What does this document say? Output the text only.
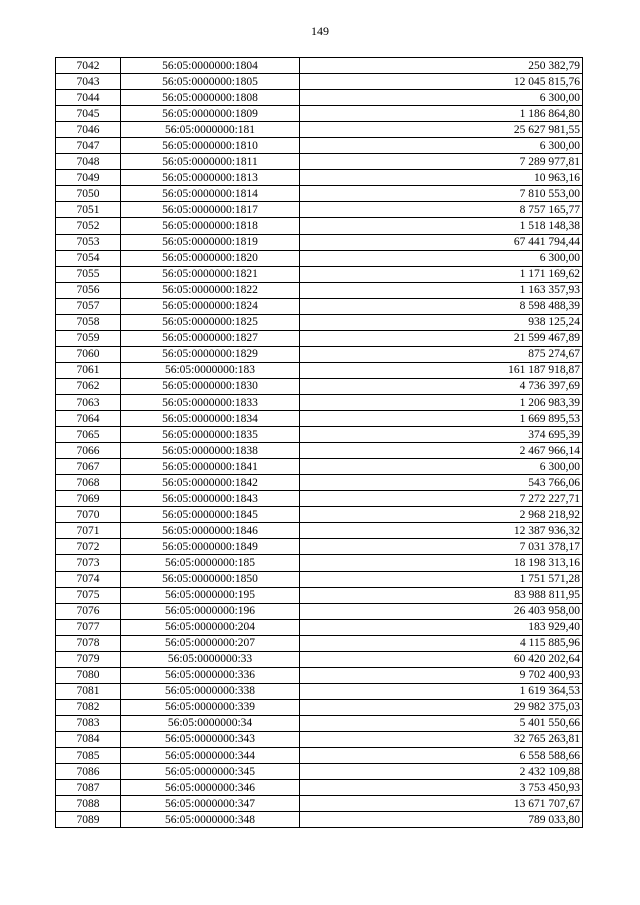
149
7042	56:05:0000000:1804	250 382,79
7043	56:05:0000000:1805	12 045 815,76
7044	56:05:0000000:1808	6 300,00
7045	56:05:0000000:1809	1 186 864,80
7046	56:05:0000000:181	25 627 981,55
7047	56:05:0000000:1810	6 300,00
7048	56:05:0000000:1811	7 289 977,81
7049	56:05:0000000:1813	10 963,16
7050	56:05:0000000:1814	7 810 553,00
7051	56:05:0000000:1817	8 757 165,77
7052	56:05:0000000:1818	1 518 148,38
7053	56:05:0000000:1819	67 441 794,44
7054	56:05:0000000:1820	6 300,00
7055	56:05:0000000:1821	1 171 169,62
7056	56:05:0000000:1822	1 163 357,93
7057	56:05:0000000:1824	8 598 488,39
7058	56:05:0000000:1825	938 125,24
7059	56:05:0000000:1827	21 599 467,89
7060	56:05:0000000:1829	875 274,67
7061	56:05:0000000:183	161 187 918,87
7062	56:05:0000000:1830	4 736 397,69
7063	56:05:0000000:1833	1 206 983,39
7064	56:05:0000000:1834	1 669 895,53
7065	56:05:0000000:1835	374 695,39
7066	56:05:0000000:1838	2 467 966,14
7067	56:05:0000000:1841	6 300,00
7068	56:05:0000000:1842	543 766,06
7069	56:05:0000000:1843	7 272 227,71
7070	56:05:0000000:1845	2 968 218,92
7071	56:05:0000000:1846	12 387 936,32
7072	56:05:0000000:1849	7 031 378,17
7073	56:05:0000000:185	18 198 313,16
7074	56:05:0000000:1850	1 751 571,28
7075	56:05:0000000:195	83 988 811,95
7076	56:05:0000000:196	26 403 958,00
7077	56:05:0000000:204	183 929,40
7078	56:05:0000000:207	4 115 885,96
7079	56:05:0000000:33	60 420 202,64
7080	56:05:0000000:336	9 702 400,93
7081	56:05:0000000:338	1 619 364,53
7082	56:05:0000000:339	29 982 375,03
7083	56:05:0000000:34	5 401 550,66
7084	56:05:0000000:343	32 765 263,81
7085	56:05:0000000:344	6 558 588,66
7086	56:05:0000000:345	2 432 109,88
7087	56:05:0000000:346	3 753 450,93
7088	56:05:0000000:347	13 671 707,67
7089	56:05:0000000:348	789 033,80
